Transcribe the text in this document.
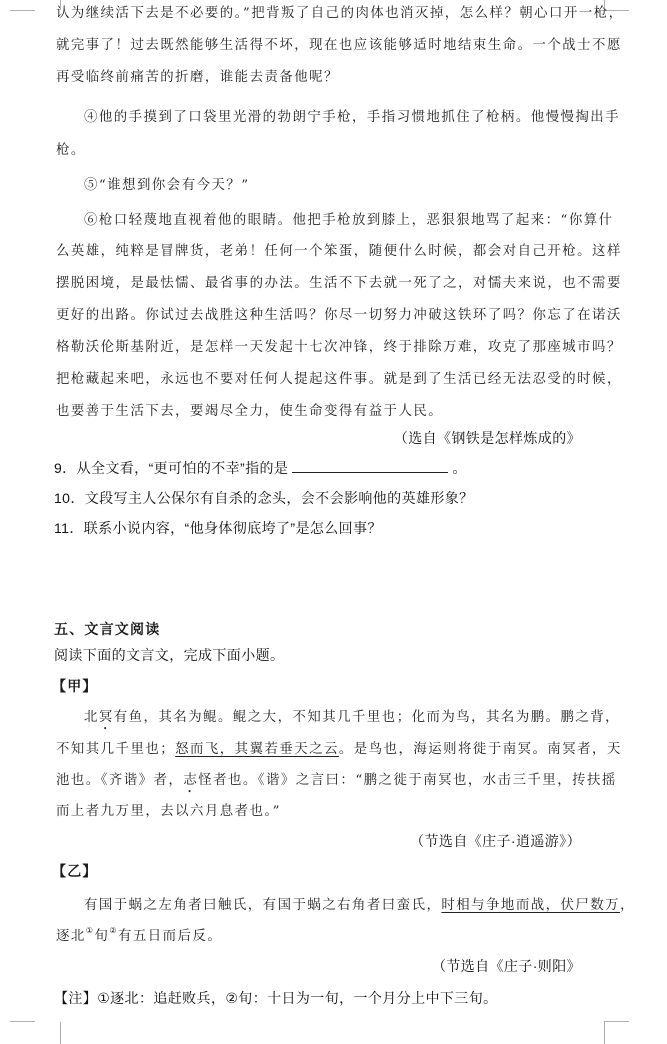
认为继续活下去是不必要的。”把背叛了自己的肉体也消灭掉，怎么样？朝心口开一枪，
就完事了！过去既然能够生活得不坏，现在也应该能够适时地结束生命。一个战士不愿
再受临终前痛苦的折磨，谁能去责备他呢？
④他的手摸到了口袋里光滑的勃朗宁手枪，手指习惯地抓住了枪柄。他慢慢掏出手
枪。
⑤“谁想到你会有今天？”
⑥枪口轻蔑地直视着他的眼睛。他把手枪放到膝上，恶狠狠地骂了起来：“你算什
么英雄，纯粹是冒牌货，老弟！任何一个笨蛋，随便什么时候，都会对自己开枪。这样
摆脱困境，是最怯懦、最省事的办法。生活不下去就一死了之，对懦夫来说，也不需要
更好的出路。你试过去战胜这种生活吗？你尽一切努力冲破这铁环了吗？你忘了在诺沃
格勒沃伦斯基附近，是怎样一天发起十七次冲锋，终于排除万难，攻克了那座城市吗？
把枪藏起来吧，永远也不要对任何人提起这件事。就是到了生活已经无法忍受的时候，
也要善于生活下去，要竭尽全力，使生命变得有益于人民。
（选自《钢铁是怎样炼成的》
9．从全文看，“更可怕的不幸”指的是	。
10．文段写主人公保尔有自杀的念头，会不会影响他的英雄形象？
11．联系小说内容，“他身体彻底垮了”是怎么回事？
五、文言文阅读
阅读下面的文言文，完成下面小题。
【甲】
北冥有鱼，其名为鲲。鲲之大，不知其几千里也；化而为鸟，其名为鹏。鹏之背，
不知其几千里也；怒而飞，其翼若垂天之云。是鸟也，海运则将徙于南冥。南冥者，天
池也。《齐谐》者，志怪者也。《谐》之言曰：“鹏之徙于南冥也，水击三千里，抟扶摇
而上者九万里，去以六月息者也。”
（节选自《庄子·逍遥游》）
【乙】
有国于蜗之左角者曰触氏，有国于蜗之右角者曰蛮氏，时相与争地而战，伏尸数万，
逐北①旬②有五日而后反。
（节选自《庄子·则阳》
【注】①逐北：追赶败兵，②旬：十日为一旬，一个月分上中下三旬。
